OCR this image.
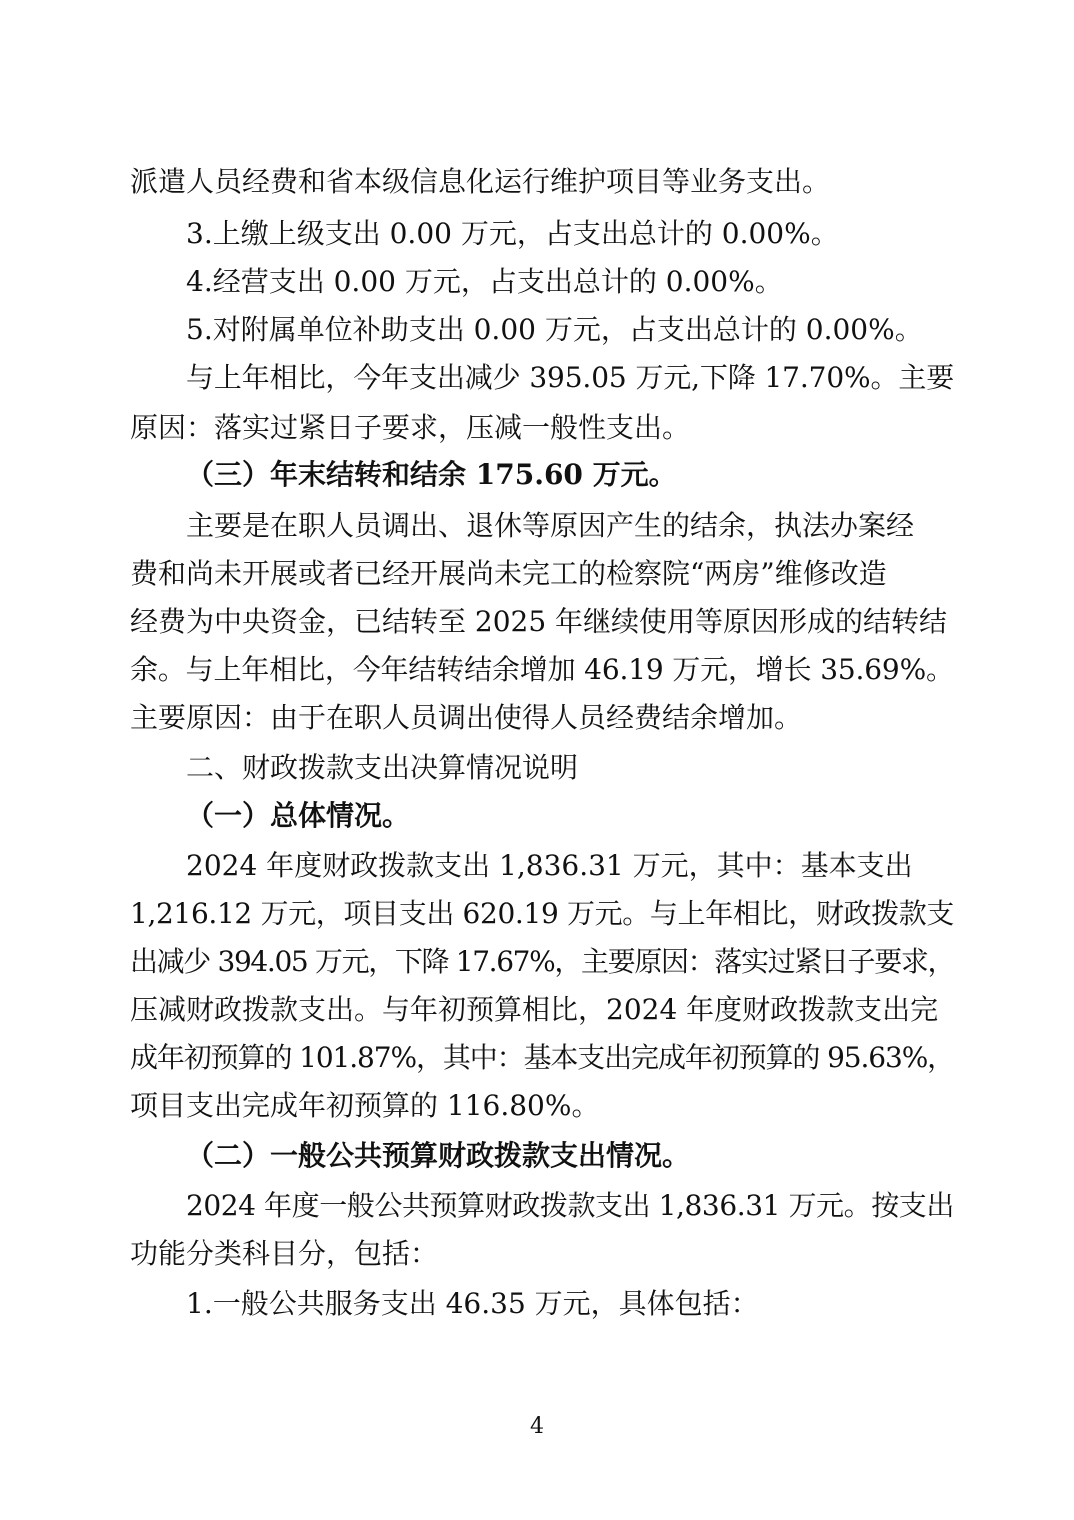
派遣人员经费和省本级信息化运行维护项目等业务支出。
3.上缴上级支出 0.00 万元，占支出总计的 0.00%。
4.经营支出 0.00 万元，占支出总计的 0.00%。
5.对附属单位补助支出 0.00 万元，占支出总计的 0.00%。
与上年相比，今年支出减少 395.05 万元,下降 17.70%。主要
原因：落实过紧日子要求，压减一般性支出。
（三）年末结转和结余 175.60 万元。
主要是在职人员调出、退休等原因产生的结余，执法办案经
费和尚未开展或者已经开展尚未完工的检察院“两房”维修改造
经费为中央资金，已结转至 2025 年继续使用等原因形成的结转结
余。与上年相比，今年结转结余增加 46.19 万元，增长 35.69%。
主要原因：由于在职人员调出使得人员经费结余增加。
二、财政拨款支出决算情况说明
（一）总体情况。
2024 年度财政拨款支出 1,836.31 万元，其中：基本支出
1,216.12 万元，项目支出 620.19 万元。与上年相比，财政拨款支
出减少 394.05 万元，下降 17.67%，主要原因：落实过紧日子要求，
压减财政拨款支出。与年初预算相比，2024 年度财政拨款支出完
成年初预算的 101.87%，其中：基本支出完成年初预算的 95.63%，
项目支出完成年初预算的 116.80%。
（二）一般公共预算财政拨款支出情况。
2024 年度一般公共预算财政拨款支出 1,836.31 万元。按支出
功能分类科目分，包括：
1.一般公共服务支出 46.35 万元，具体包括：
4
